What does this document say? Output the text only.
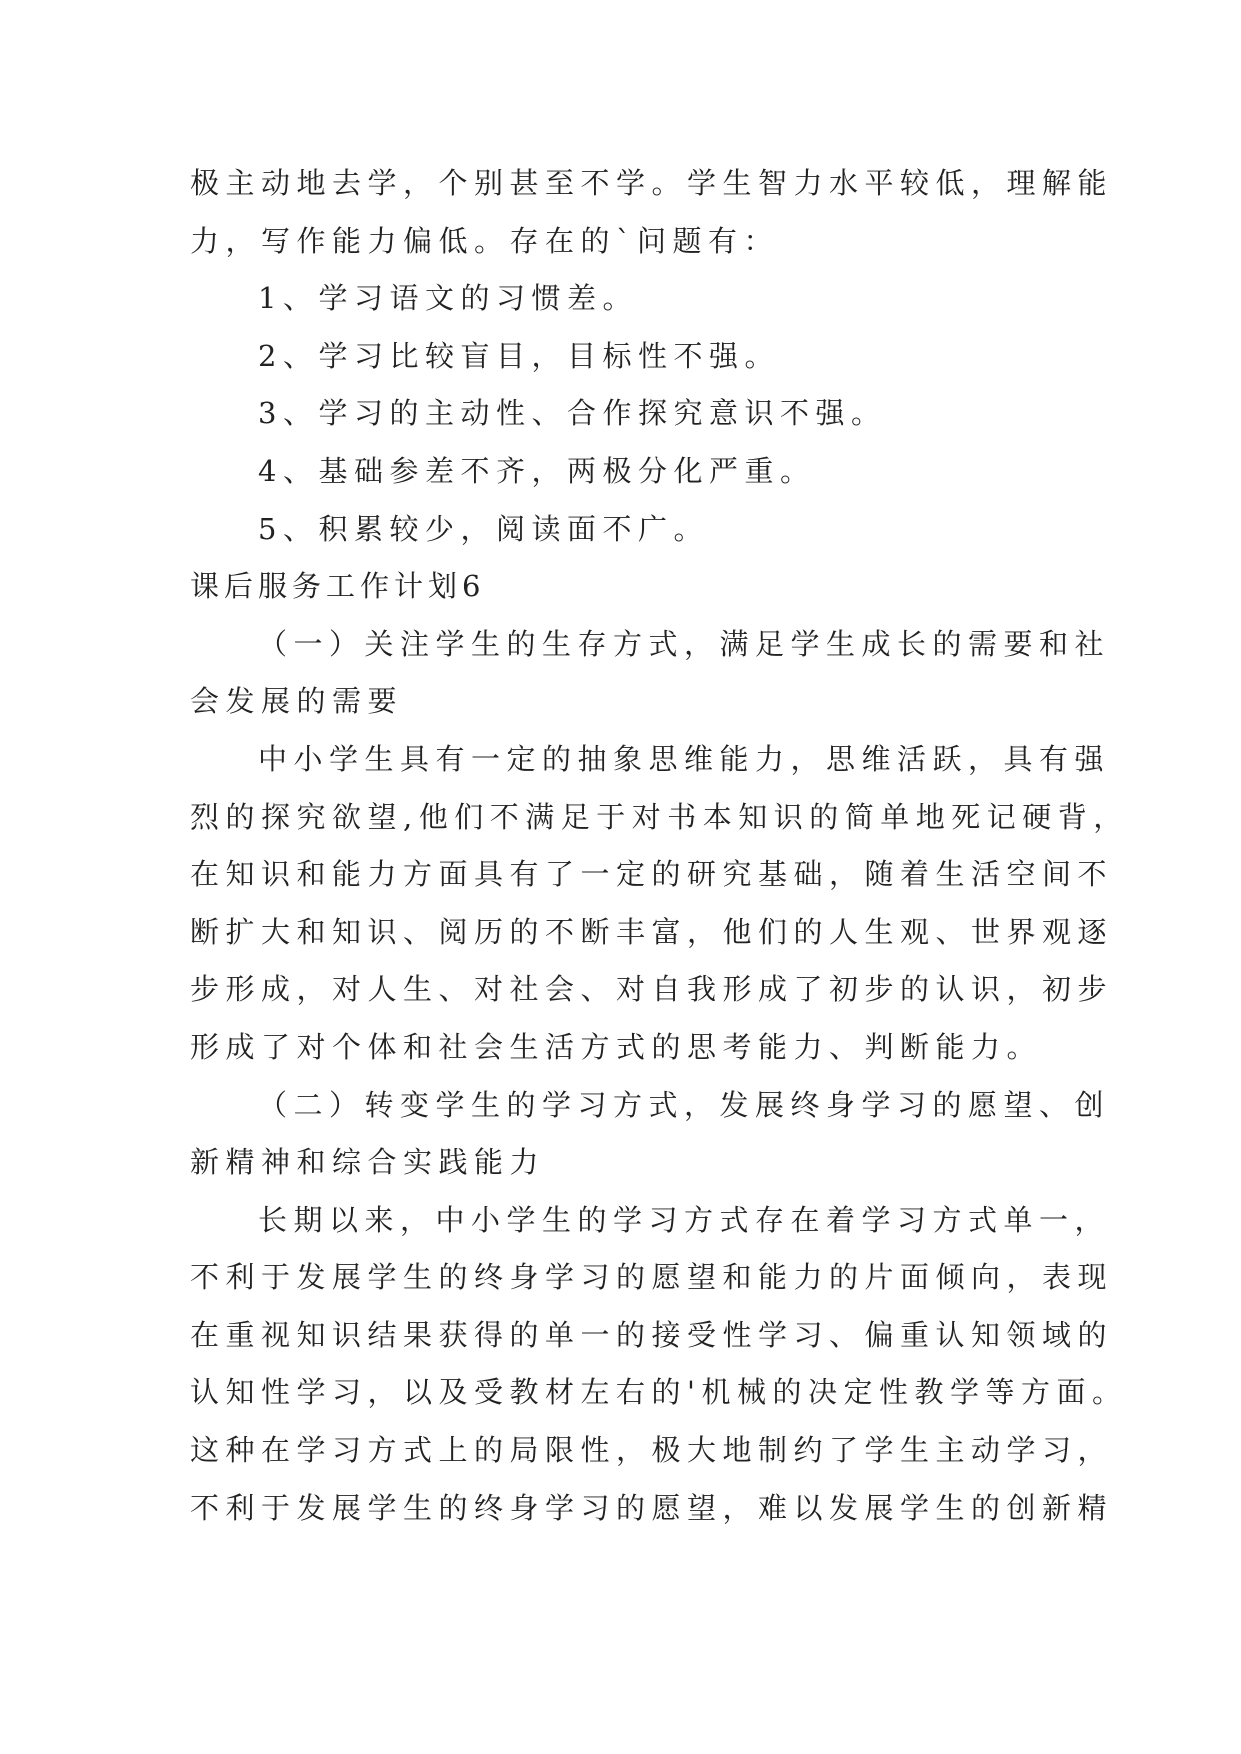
极主动地去学，个别甚至不学。学生智力水平较低，理解能
力，写作能力偏低。存在的`问题有：
1、学习语文的习惯差。
2、学习比较盲目，目标性不强。
3、学习的主动性、合作探究意识不强。
4、基础参差不齐，两极分化严重。
5、积累较少，阅读面不广。
课后服务工作计划6
（一）关注学生的生存方式，满足学生成长的需要和社
会发展的需要
中小学生具有一定的抽象思维能力，思维活跃，具有强
烈的探究欲望,他们不满足于对书本知识的简单地死记硬背，
在知识和能力方面具有了一定的研究基础，随着生活空间不
断扩大和知识、阅历的不断丰富，他们的人生观、世界观逐
步形成，对人生、对社会、对自我形成了初步的认识，初步
形成了对个体和社会生活方式的思考能力、判断能力。
（二）转变学生的学习方式，发展终身学习的愿望、创
新精神和综合实践能力
长期以来，中小学生的学习方式存在着学习方式单一，
不利于发展学生的终身学习的愿望和能力的片面倾向，表现
在重视知识结果获得的单一的接受性学习、偏重认知领域的
认知性学习，以及受教材左右的'机械的决定性教学等方面。
这种在学习方式上的局限性，极大地制约了学生主动学习，
不利于发展学生的终身学习的愿望，难以发展学生的创新精
